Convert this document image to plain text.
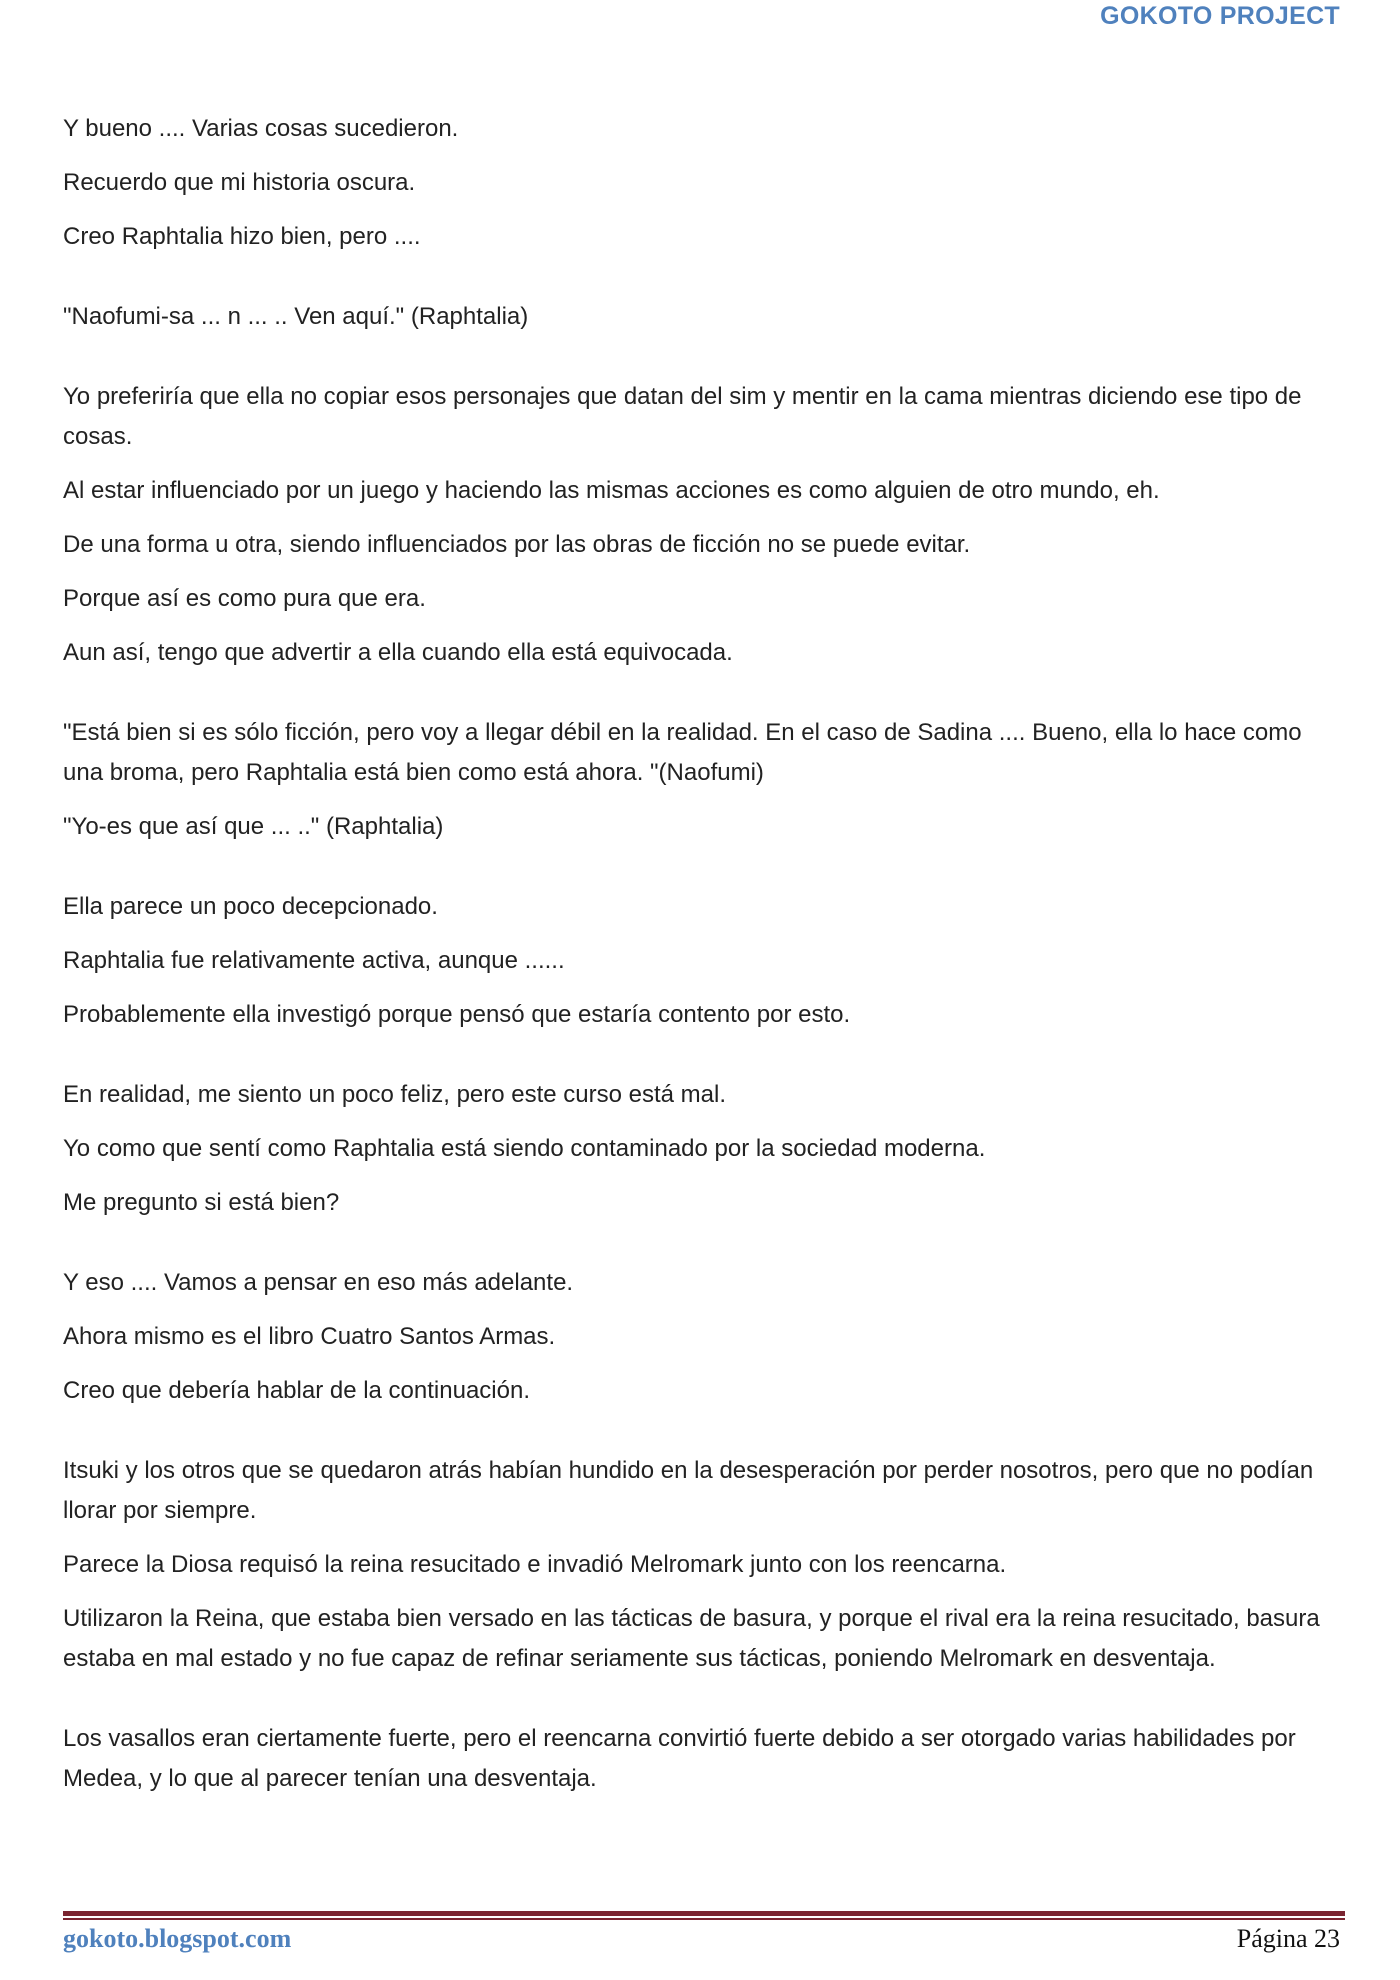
GOKOTO PROJECT

Y bueno .... Varias cosas sucedieron.

Recuerdo que mi historia oscura.

Creo Raphtalia hizo bien, pero ....

"Naofumi-sa ... n ... .. Ven aquí." (Raphtalia)

Yo preferiría que ella no copiar esos personajes que datan del sim y mentir en la cama mientras diciendo ese tipo de cosas.

Al estar influenciado por un juego y haciendo las mismas acciones es como alguien de otro mundo, eh.

De una forma u otra, siendo influenciados por las obras de ficción no se puede evitar.

Porque así es como pura que era.

Aun así, tengo que advertir a ella cuando ella está equivocada.

"Está bien si es sólo ficción, pero voy a llegar débil en la realidad. En el caso de Sadina .... Bueno, ella lo hace como una broma, pero Raphtalia está bien como está ahora. "(Naofumi)

"Yo-es que así que ... .." (Raphtalia)

Ella parece un poco decepcionado.

Raphtalia fue relativamente activa, aunque ......

Probablemente ella investigó porque pensó que estaría contento por esto.

En realidad, me siento un poco feliz, pero este curso está mal.

Yo como que sentí como Raphtalia está siendo contaminado por la sociedad moderna.

Me pregunto si está bien?

Y eso .... Vamos a pensar en eso más adelante.

Ahora mismo es el libro Cuatro Santos Armas.

Creo que debería hablar de la continuación.

Itsuki y los otros que se quedaron atrás habían hundido en la desesperación por perder nosotros, pero que no podían llorar por siempre.

Parece la Diosa requisó la reina resucitado e invadió Melromark junto con los reencarna.

Utilizaron la Reina, que estaba bien versado en las tácticas de basura, y porque el rival era la reina resucitado, basura estaba en mal estado y no fue capaz de refinar seriamente sus tácticas, poniendo Melromark en desventaja.

Los vasallos eran ciertamente fuerte, pero el reencarna convirtió fuerte debido a ser otorgado varias habilidades por Medea, y lo que al parecer tenían una desventaja.

gokoto.blogspot.com	Página 23
